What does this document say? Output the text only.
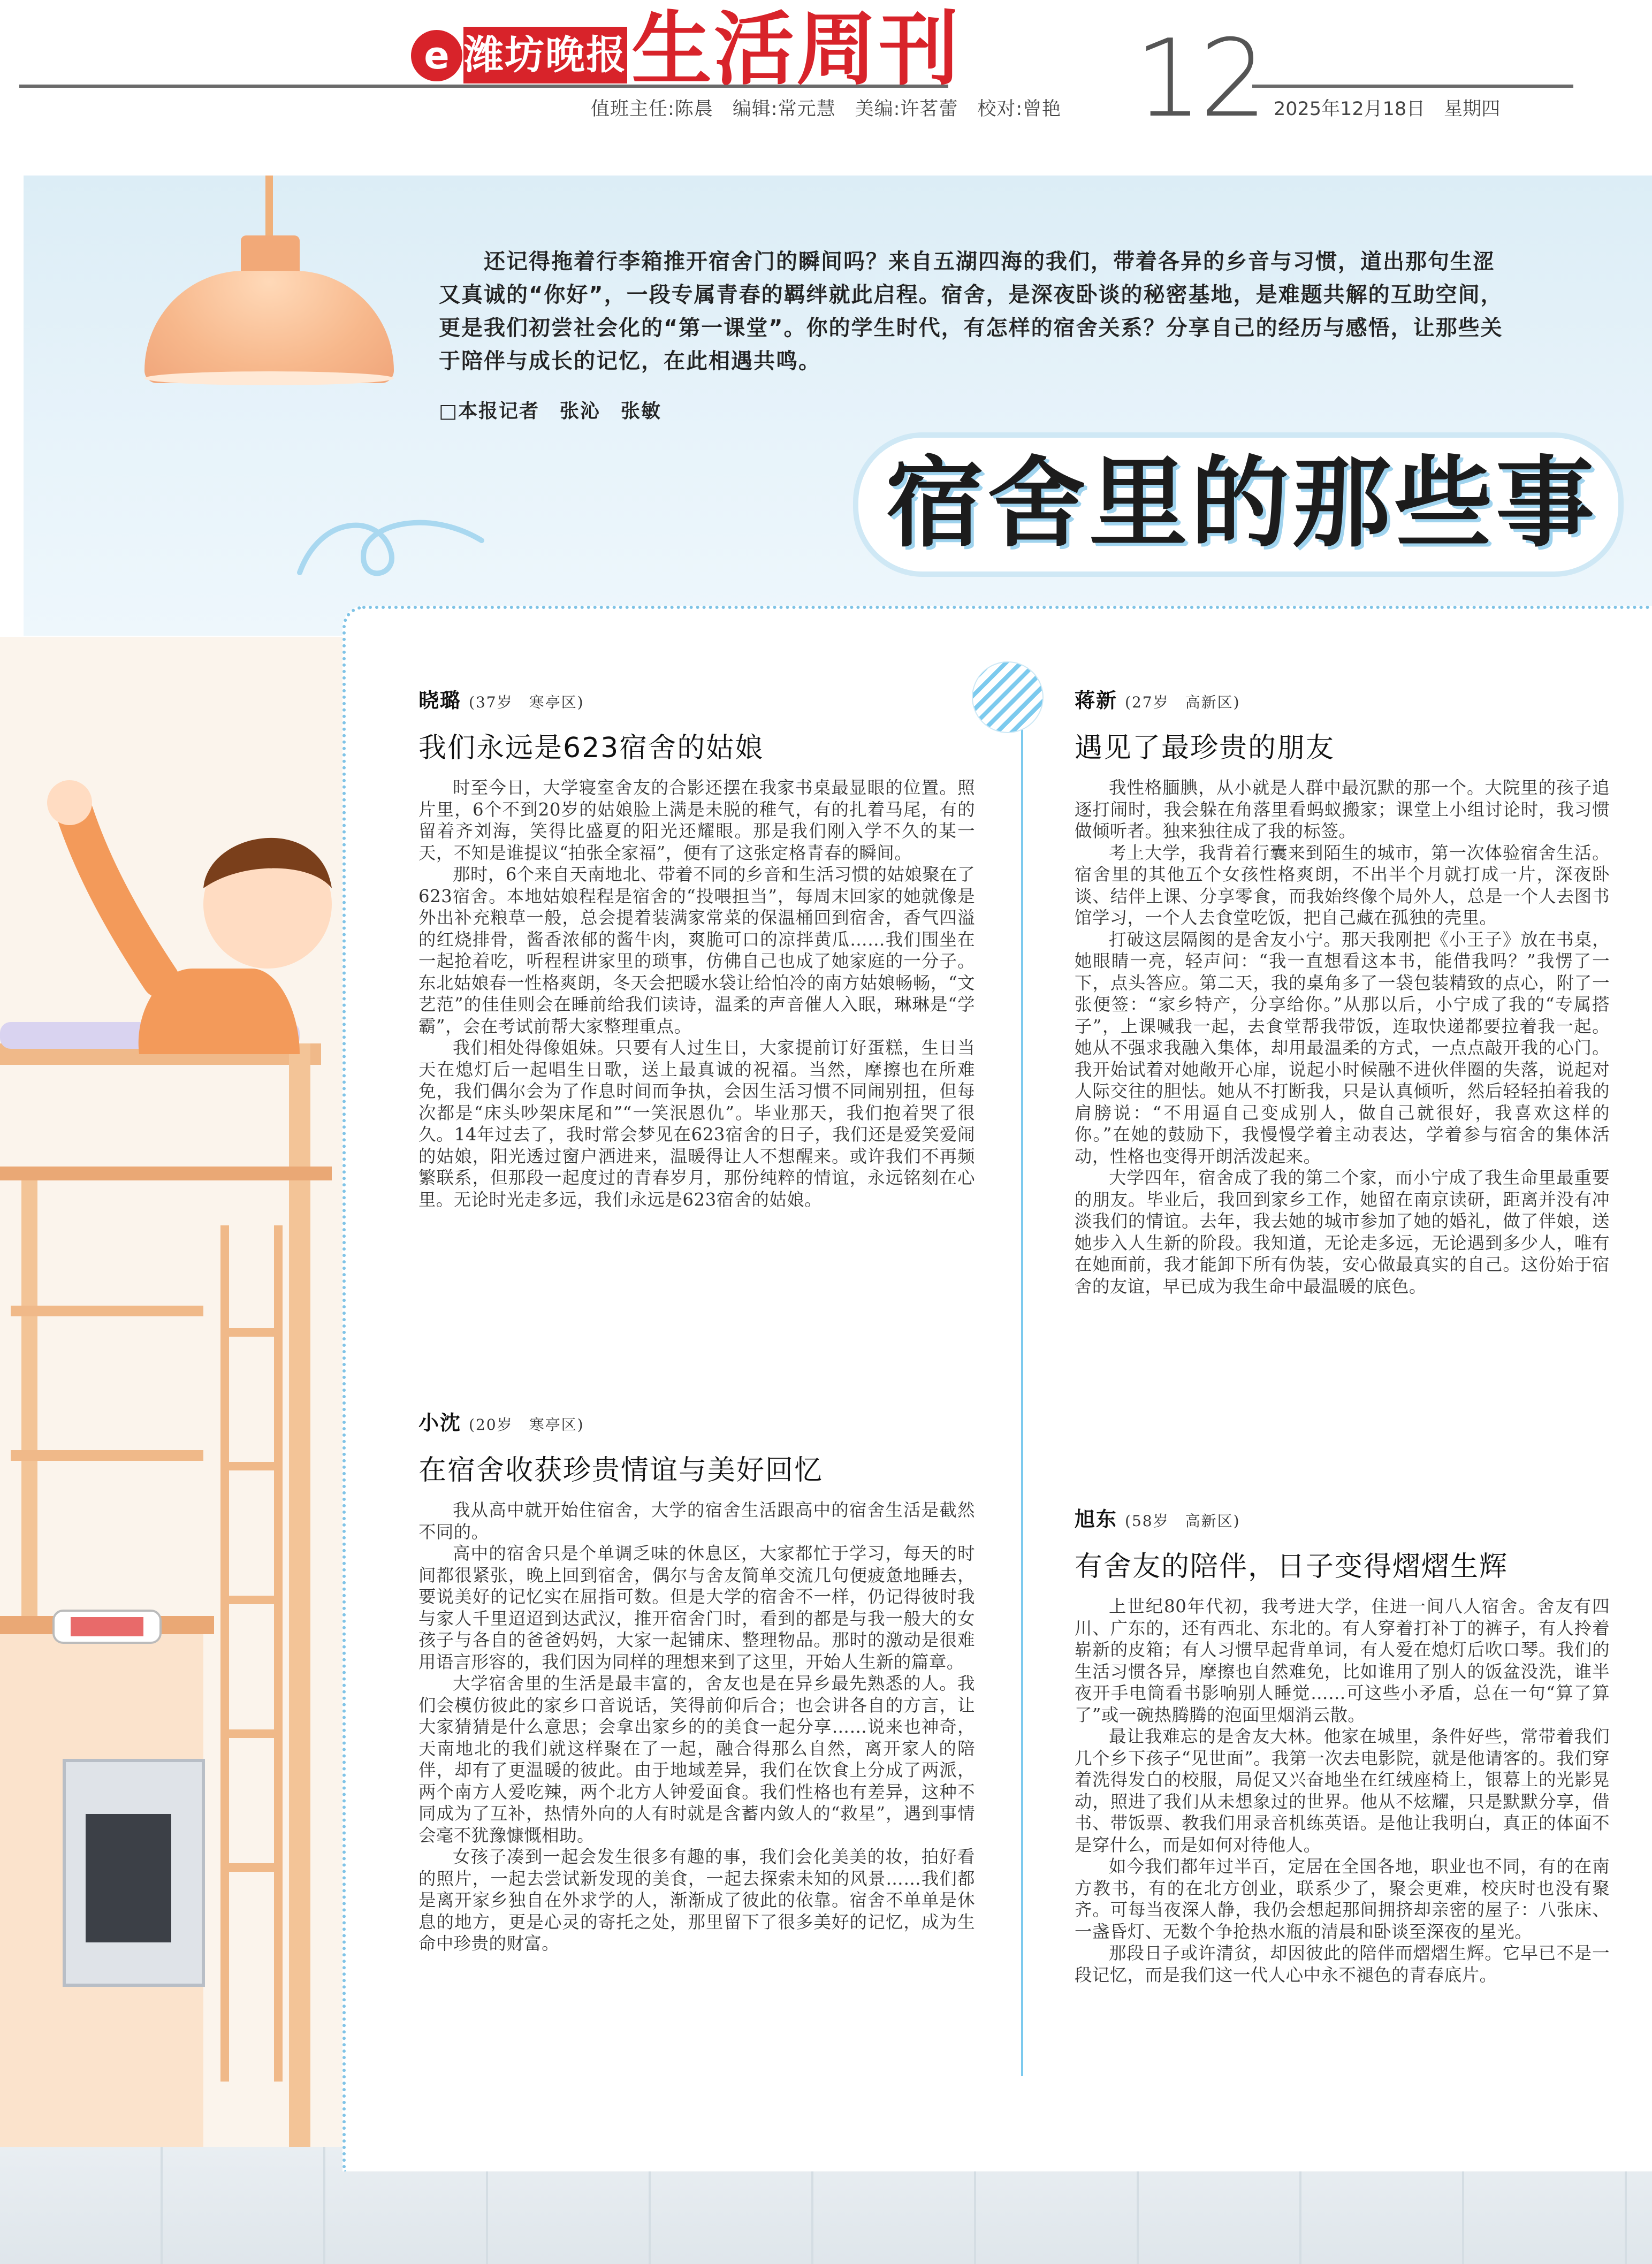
e 潍坊晚报 生活周刊
值班主任:陈晨　编辑:常元慧　美编:许茗蕾　校对:曾艳 12 2025年12月18日　星期四

还记得拖着行李箱推开宿舍门的瞬间吗？来自五湖四海的我们，带着各异的乡音与习惯，道出那句生涩又真诚的“你好”，一段专属青春的羁绊就此启程。宿舍，是深夜卧谈的秘密基地，是难题共解的互助空间，更是我们初尝社会化的“第一课堂”。你的学生时代，有怎样的宿舍关系？分享自己的经历与感悟，让那些关于陪伴与成长的记忆，在此相遇共鸣。

□本报记者　张沁　张敏
宿舍里的那些事
晓璐 (37岁　寒亭区)
我们永远是623宿舍的姑娘

时至今日，大学寝室舍友的合影还摆在我家书桌最显眼的位置。照片里，6个不到20岁的姑娘脸上满是未脱的稚气，有的扎着马尾，有的留着齐刘海，笑得比盛夏的阳光还耀眼。那是我们刚入学不久的某一天，不知是谁提议“拍张全家福”，便有了这张定格青春的瞬间。

那时，6个来自天南地北、带着不同的乡音和生活习惯的姑娘聚在了623宿舍。本地姑娘程程是宿舍的“投喂担当”，每周末回家的她就像是外出补充粮草一般，总会提着装满家常菜的保温桶回到宿舍，香气四溢的红烧排骨，酱香浓郁的酱牛肉，爽脆可口的凉拌黄瓜……我们围坐在一起抢着吃，听程程讲家里的琐事，仿佛自己也成了她家庭的一分子。东北姑娘春一性格爽朗，冬天会把暖水袋让给怕冷的南方姑娘畅畅，“文艺范”的佳佳则会在睡前给我们读诗，温柔的声音催人入眠，琳琳是“学霸”，会在考试前帮大家整理重点。

我们相处得像姐妹。只要有人过生日，大家提前订好蛋糕，生日当天在熄灯后一起唱生日歌，送上最真诚的祝福。当然，摩擦也在所难免，我们偶尔会为了作息时间而争执，会因生活习惯不同闹别扭，但每次都是“床头吵架床尾和”“一笑泯恩仇”。毕业那天，我们抱着哭了很久。14年过去了，我时常会梦见在623宿舍的日子，我们还是爱笑爱闹的姑娘，阳光透过窗户洒进来，温暖得让人不想醒来。或许我们不再频繁联系，但那段一起度过的青春岁月，那份纯粹的情谊，永远铭刻在心里。无论时光走多远，我们永远是623宿舍的姑娘。

小沈 (20岁　寒亭区)
在宿舍收获珍贵情谊与美好回忆

我从高中就开始住宿舍，大学的宿舍生活跟高中的宿舍生活是截然不同的。

高中的宿舍只是个单调乏味的休息区，大家都忙于学习，每天的时间都很紧张，晚上回到宿舍，偶尔与舍友简单交流几句便疲惫地睡去，要说美好的记忆实在屈指可数。但是大学的宿舍不一样，仍记得彼时我与家人千里迢迢到达武汉，推开宿舍门时，看到的都是与我一般大的女孩子与各自的爸爸妈妈，大家一起铺床、整理物品。那时的激动是很难用语言形容的，我们因为同样的理想来到了这里，开始人生新的篇章。

大学宿舍里的生活是最丰富的，舍友也是在异乡最先熟悉的人。我们会模仿彼此的家乡口音说话，笑得前仰后合；也会讲各自的方言，让大家猜猜是什么意思；会拿出家乡的的美食一起分享……说来也神奇，天南地北的我们就这样聚在了一起，融合得那么自然，离开家人的陪伴，却有了更温暖的彼此。由于地域差异，我们在饮食上分成了两派，两个南方人爱吃辣，两个北方人钟爱面食。我们性格也有差异，这种不同成为了互补，热情外向的人有时就是含蓄内敛人的“救星”，遇到事情会毫不犹豫慷慨相助。

女孩子凑到一起会发生很多有趣的事，我们会化美美的妆，拍好看的照片，一起去尝试新发现的美食，一起去探索未知的风景……我们都是离开家乡独自在外求学的人，渐渐成了彼此的依靠。宿舍不单单是休息的地方，更是心灵的寄托之处，那里留下了很多美好的记忆，成为生命中珍贵的财富。

蒋新 (27岁　高新区)
遇见了最珍贵的朋友

我性格腼腆，从小就是人群中最沉默的那一个。大院里的孩子追逐打闹时，我会躲在角落里看蚂蚁搬家；课堂上小组讨论时，我习惯做倾听者。独来独往成了我的标签。

考上大学，我背着行囊来到陌生的城市，第一次体验宿舍生活。宿舍里的其他五个女孩性格爽朗，不出半个月就打成一片，深夜卧谈、结伴上课、分享零食，而我始终像个局外人，总是一个人去图书馆学习，一个人去食堂吃饭，把自己藏在孤独的壳里。

打破这层隔阂的是舍友小宁。那天我刚把《小王子》放在书桌，她眼睛一亮，轻声问：“我一直想看这本书，能借我吗？”我愣了一下，点头答应。第二天，我的桌角多了一袋包装精致的点心，附了一张便签：“家乡特产，分享给你。”从那以后，小宁成了我的“专属搭子”，上课喊我一起，去食堂帮我带饭，连取快递都要拉着我一起。她从不强求我融入集体，却用最温柔的方式，一点点敲开我的心门。我开始试着对她敞开心扉，说起小时候融不进伙伴圈的失落，说起对人际交往的胆怯。她从不打断我，只是认真倾听，然后轻轻拍着我的肩膀说：“不用逼自己变成别人，做自己就很好，我喜欢这样的你。”在她的鼓励下，我慢慢学着主动表达，学着参与宿舍的集体活动，性格也变得开朗活泼起来。

大学四年，宿舍成了我的第二个家，而小宁成了我生命里最重要的朋友。毕业后，我回到家乡工作，她留在南京读研，距离并没有冲淡我们的情谊。去年，我去她的城市参加了她的婚礼，做了伴娘，送她步入人生新的阶段。我知道，无论走多远，无论遇到多少人，唯有在她面前，我才能卸下所有伪装，安心做最真实的自己。这份始于宿舍的友谊，早已成为我生命中最温暖的底色。

旭东 (58岁　高新区)
有舍友的陪伴，日子变得熠熠生辉

上世纪80年代初，我考进大学，住进一间八人宿舍。舍友有四川、广东的，还有西北、东北的。有人穿着打补丁的裤子，有人拎着崭新的皮箱；有人习惯早起背单词，有人爱在熄灯后吹口琴。我们的生活习惯各异，摩擦也自然难免，比如谁用了别人的饭盆没洗，谁半夜开手电筒看书影响别人睡觉……可这些小矛盾，总在一句“算了算了”或一碗热腾腾的泡面里烟消云散。

最让我难忘的是舍友大林。他家在城里，条件好些，常带着我们几个乡下孩子“见世面”。我第一次去电影院，就是他请客的。我们穿着洗得发白的校服，局促又兴奋地坐在红绒座椅上，银幕上的光影晃动，照进了我们从未想象过的世界。他从不炫耀，只是默默分享，借书、带饭票、教我们用录音机练英语。是他让我明白，真正的体面不是穿什么，而是如何对待他人。

如今我们都年过半百，定居在全国各地，职业也不同，有的在南方教书，有的在北方创业，联系少了，聚会更难，校庆时也没有聚齐。可每当夜深人静，我仍会想起那间拥挤却亲密的屋子：八张床、一盏昏灯、无数个争抢热水瓶的清晨和卧谈至深夜的星光。

那段日子或许清贫，却因彼此的陪伴而熠熠生辉。它早已不是一段记忆，而是我们这一代人心中永不褪色的青春底片。
